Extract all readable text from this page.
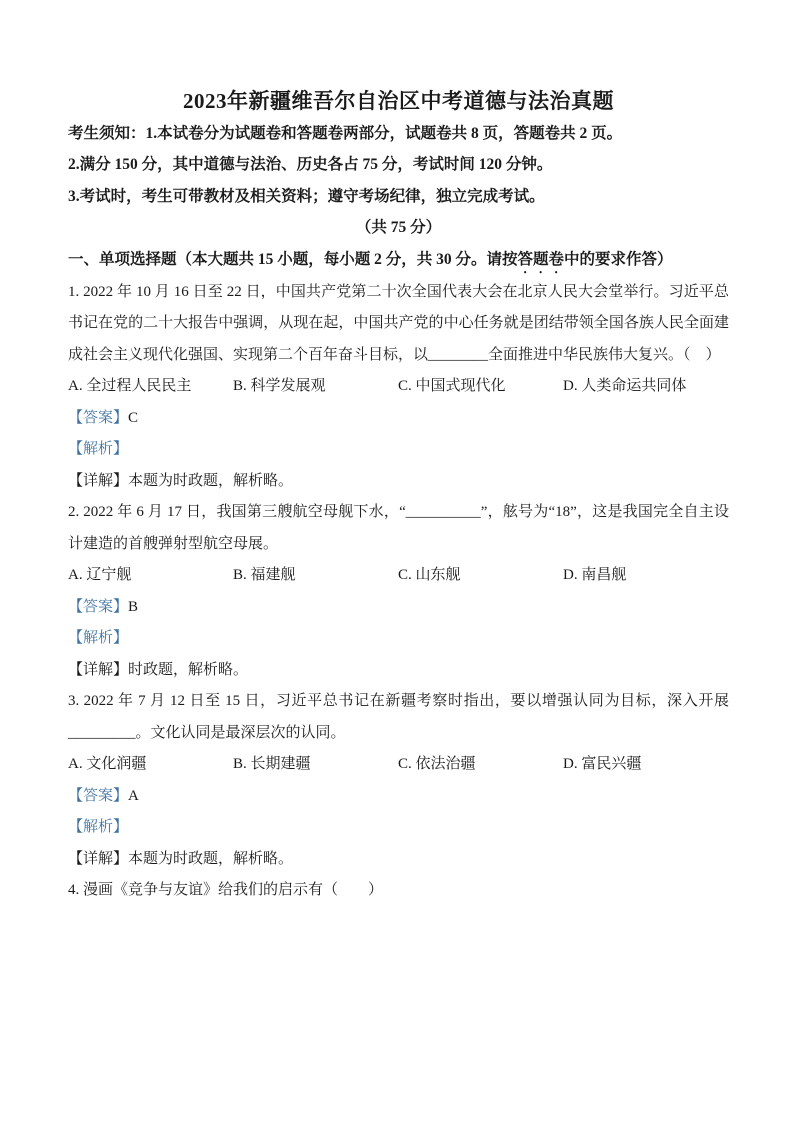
2023年新疆维吾尔自治区中考道德与法治真题

考生须知：1.本试卷分为试题卷和答题卷两部分，试题卷共 8 页，答题卷共 2 页。

2.满分 150 分，其中道德与法治、历史各占 75 分，考试时间 120 分钟。

3.考试时，考生可带教材及相关资料；遵守考场纪律，独立完成考试。

（共 75 分）

一、单项选择题（本大题共 15 小题，每小题 2 分，共 30 分。请按答题卷中的要求作答）

1. 2022 年 10 月 16 日至 22 日，中国共产党第二十次全国代表大会在北京人民大会堂举行。习近平总书记在党的二十大报告中强调，从现在起，中国共产党的中心任务就是团结带领全国各族人民全面建成社会主义现代化强国、实现第二个百年奋斗目标，以________全面推进中华民族伟大复兴。（　）

A. 全过程人民民主	B. 科学发展观	C. 中国式现代化	D. 人类命运共同体

【答案】C

【解析】

【详解】本题为时政题，解析略。

2. 2022 年 6 月 17 日，我国第三艘航空母舰下水，“__________”，舷号为“18”，这是我国完全自主设计建造的首艘弹射型航空母展。

A. 辽宁舰	B. 福建舰	C. 山东舰	D. 南昌舰

【答案】B

【解析】

【详解】时政题，解析略。

3. 2022 年 7 月 12 日至 15 日，习近平总书记在新疆考察时指出，要以增强认同为目标，深入开展_________。文化认同是最深层次的认同。

A. 文化润疆	B. 长期建疆	C. 依法治疆	D. 富民兴疆

【答案】A

【解析】

【详解】本题为时政题，解析略。

4. 漫画《竞争与友谊》给我们的启示有（　　）
